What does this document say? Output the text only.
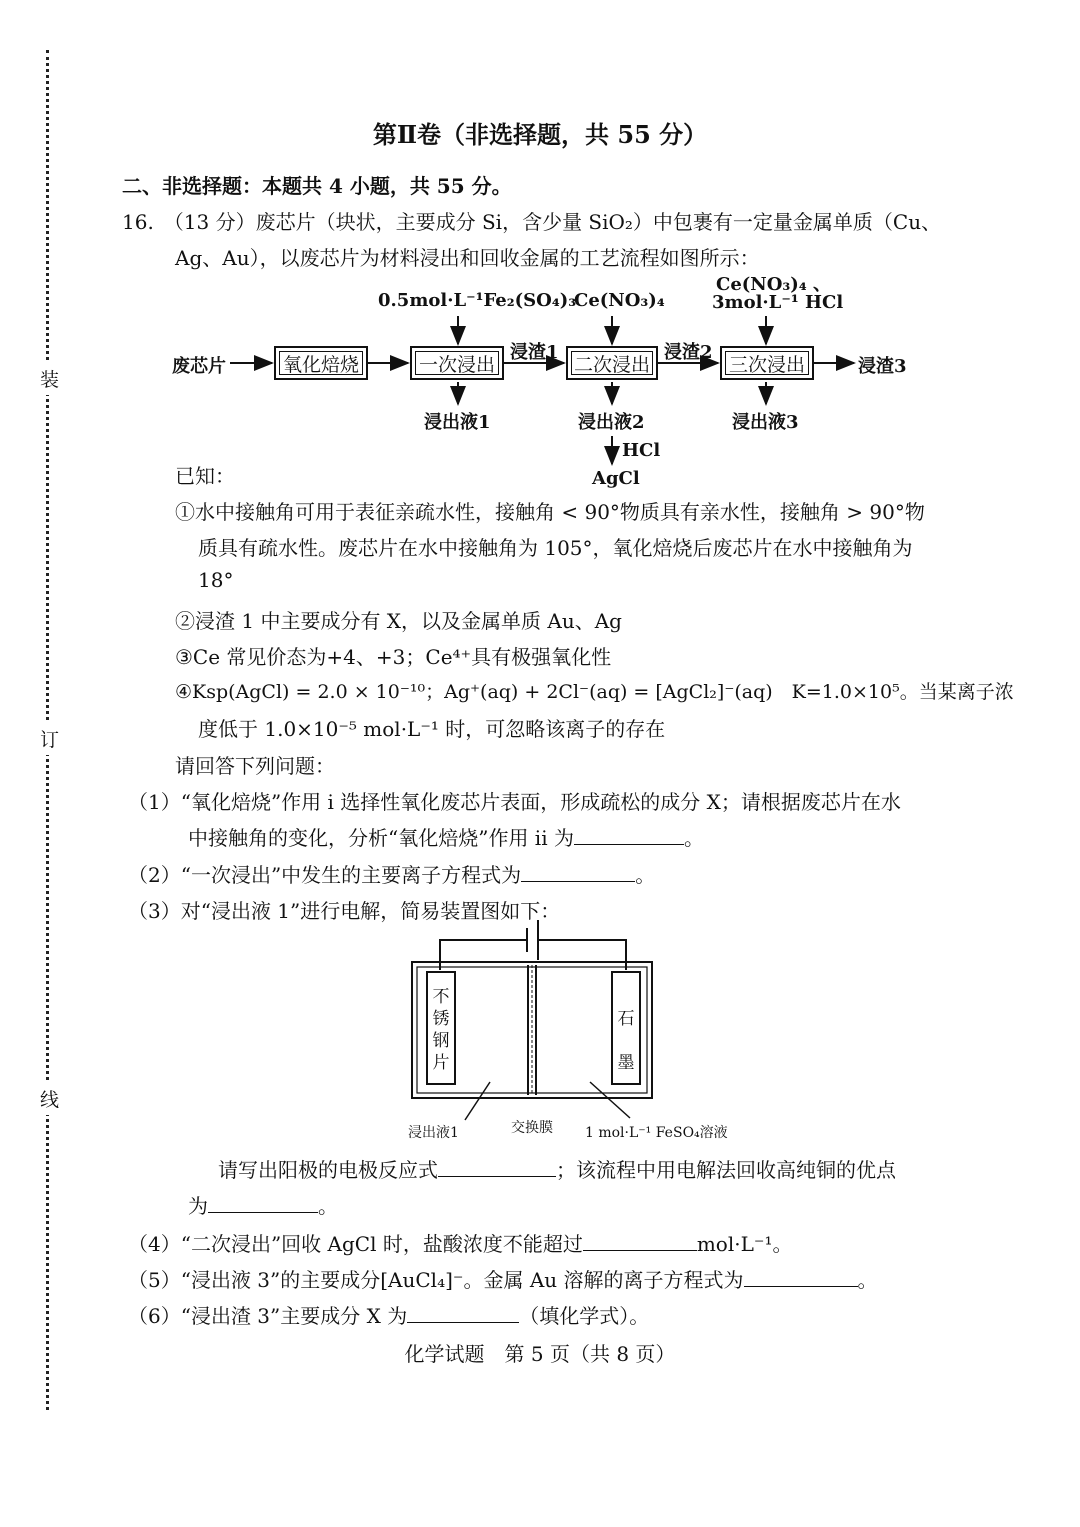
装
订
线
第Ⅱ卷（非选择题，共 55 分）
二、非选择题：本题共 4 小题，共 55 分。
16.　（13 分）废芯片（块状，主要成分 Si，含少量 SiO₂）中包裹有一定量金属单质（Cu、
Ag、Au），以废芯片为材料浸出和回收金属的工艺流程如图所示：
废芯片	氧化焙烧	一次浸出	二次浸出	三次浸出	浸渣3
0.5mol·L⁻¹Fe₂(SO₄)₃
Ce(NO₃)₄
Ce(NO₃)₄ 、
3mol·L⁻¹ HCl
浸渣1	浸渣2
浸出液1	浸出液2	浸出液3
HCl
AgCl
已知：
①水中接触角可用于表征亲疏水性，接触角 < 90°物质具有亲水性，接触角 > 90°物
质具有疏水性。废芯片在水中接触角为 105°，氧化焙烧后废芯片在水中接触角为
18°
②浸渣 1 中主要成分有 X，以及金属单质 Au、Ag
③Ce 常见价态为+4、+3；Ce⁴⁺具有极强氧化性
④Ksp(AgCl) = 2.0 × 10⁻¹⁰；Ag⁺(aq) + 2Cl⁻(aq) = [AgCl₂]⁻(aq)　K=1.0×10⁵。当某离子浓
度低于 1.0×10⁻⁵ mol·L⁻¹ 时，可忽略该离子的存在
请回答下列问题：
（1）“氧化焙烧”作用 i 选择性氧化废芯片表面，形成疏松的成分 X；请根据废芯片在水
中接触角的变化，分析“氧化焙烧”作用 ii 为	。
（2）“一次浸出”中发生的主要离子方程式为	。
（3）对“浸出液 1”进行电解，简易装置图如下：
不锈钢片
石墨
浸出液1	交换膜 1 mol·L⁻¹ FeSO₄溶液
请写出阳极的电极反应式	；该流程中用电解法回收高纯铜的优点
为	。
（4）“二次浸出”回收 AgCl 时，盐酸浓度不能超过	mol·L⁻¹。
（5）“浸出液 3”的主要成分[AuCl₄]⁻。金属 Au 溶解的离子方程式为	。
（6）“浸出渣 3”主要成分 X 为	（填化学式）。
化学试题　第 5 页（共 8 页）
